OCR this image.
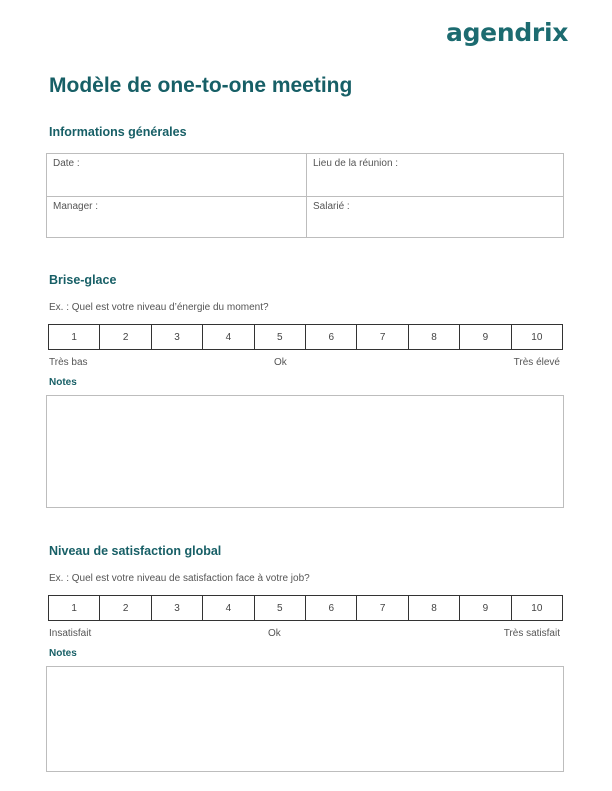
agendrix
Modèle de one-to-one meeting
Informations générales
Date :	Lieu de la réunion :
Manager :	Salarié :
Brise-glace
Ex. : Quel est votre niveau d’énergie du moment?
1	2	3	4	5	6	7	8	9	10
Très bas	Ok	Très élevé
Notes
Niveau de satisfaction global
Ex. : Quel est votre niveau de satisfaction face à votre job?
1	2	3	4	5	6	7	8	9	10
Insatisfait	Ok	Très satisfait
Notes
